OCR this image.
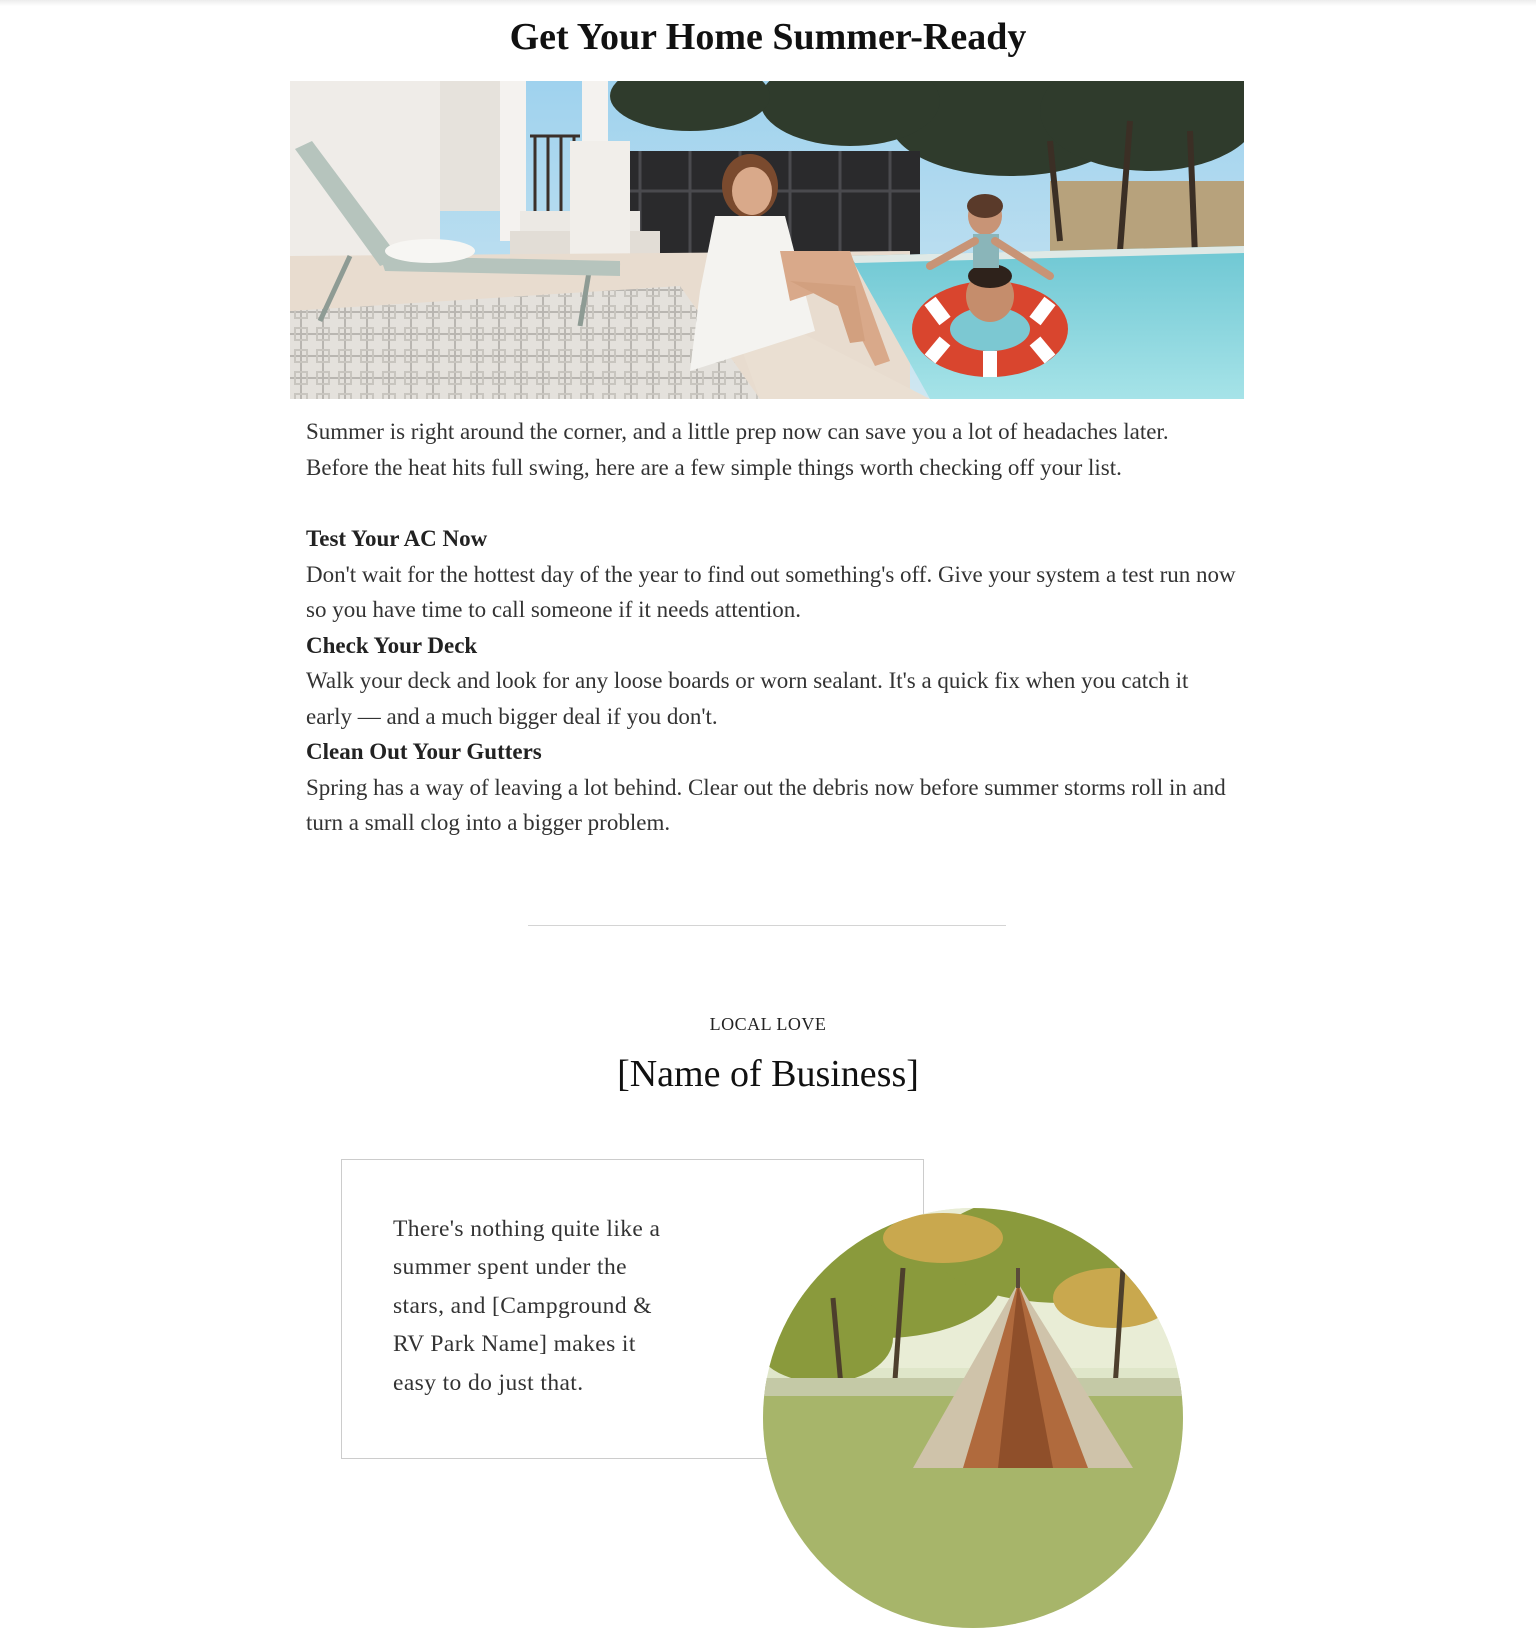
Get Your Home Summer-Ready

Summer is right around the corner, and a little prep now can save you a lot of headaches later. Before the heat hits full swing, here are a few simple things worth checking off your list.

Test Your AC Now

Don't wait for the hottest day of the year to find out something's off. Give your system a test run now so you have time to call someone if it needs attention.

Check Your Deck

Walk your deck and look for any loose boards or worn sealant. It's a quick fix when you catch it early — and a much bigger deal if you don't.

Clean Out Your Gutters

Spring has a way of leaving a lot behind. Clear out the debris now before summer storms roll in and turn a small clog into a bigger problem.

LOCAL LOVE
[Name of Business]
There's nothing quite like a summer spent under the stars, and [Campground & RV Park Name] makes it easy to do just that.
